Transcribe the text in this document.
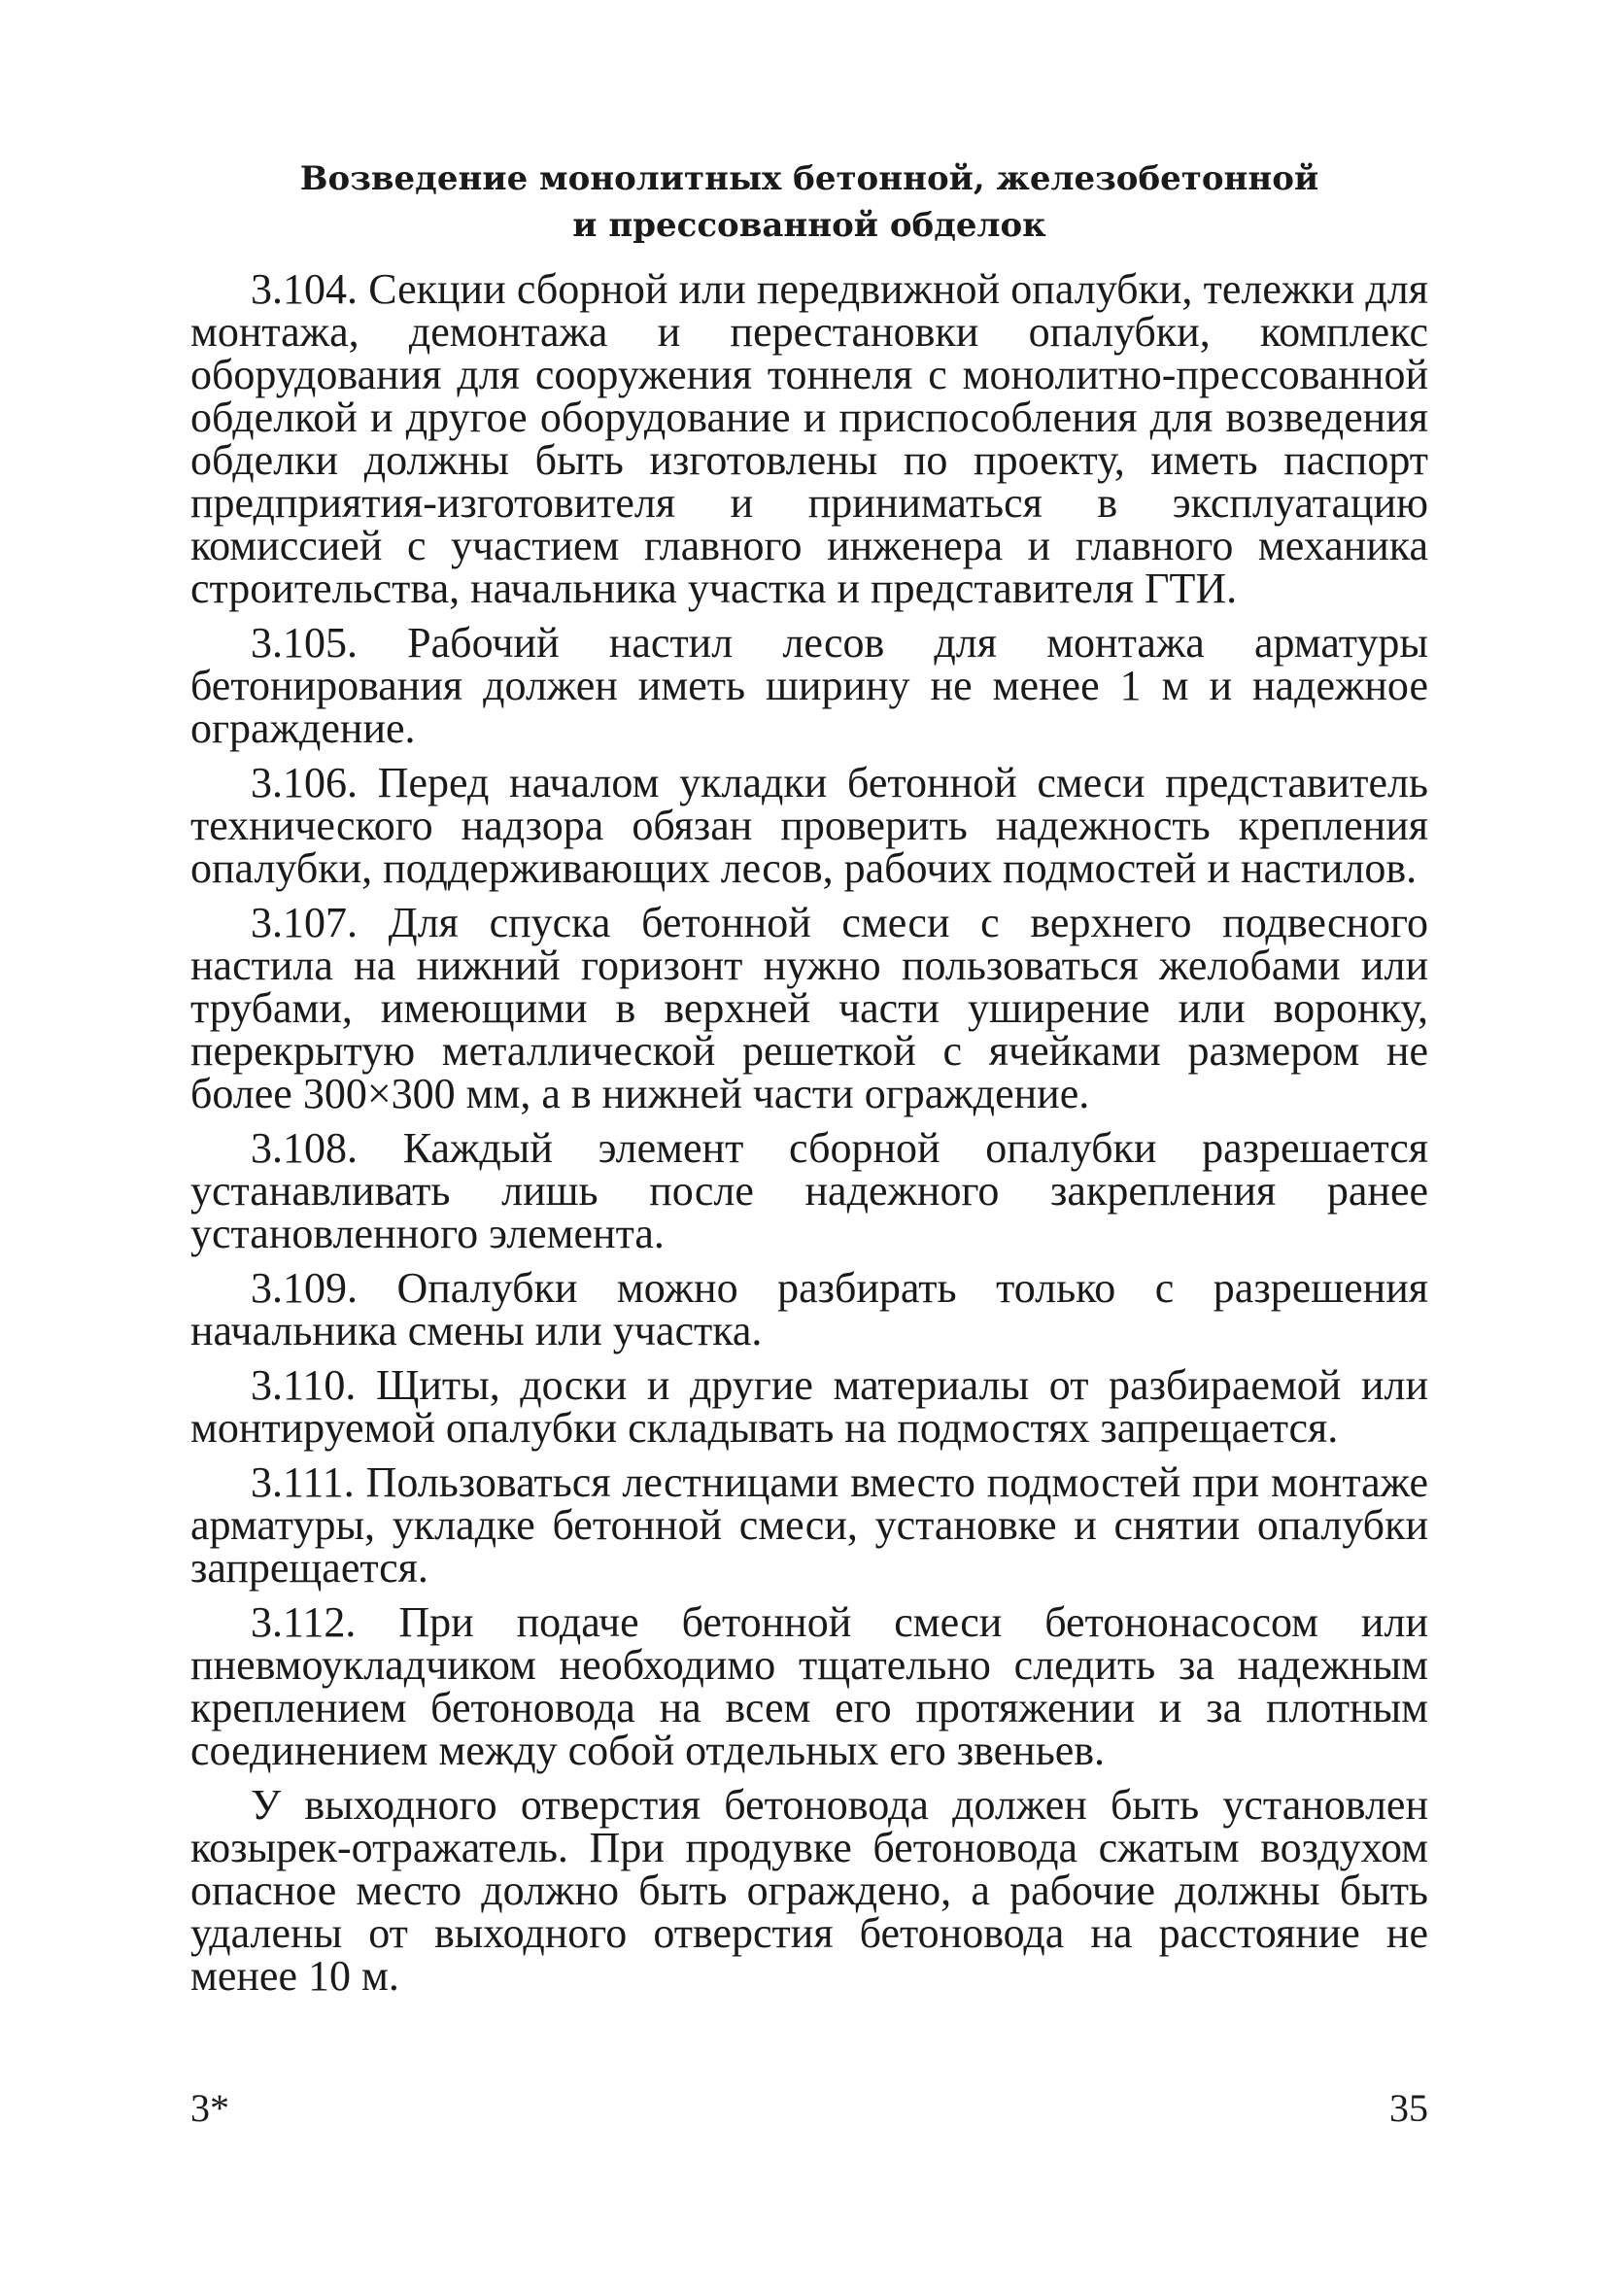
Возведение монолитных бетонной, железобетонной
и прессованной обделок

3.104. Секции сборной или передвижной опалубки, тележки для монтажа, демонтажа и перестановки опалубки, комплекс оборудования для сооружения тоннеля с монолитно-прессованной обделкой и другое оборудование и приспособления для возведения обделки должны быть изготовлены по проекту, иметь паспорт предприятия-изготовителя и приниматься в эксплуатацию комиссией с участием главного инженера и главного механика строительства, начальника участка и представителя ГТИ.

3.105. Рабочий настил лесов для монтажа арматуры бетонирования должен иметь ширину не менее 1 м и надежное ограждение.

3.106. Перед началом укладки бетонной смеси представитель технического надзора обязан проверить надежность крепления опалубки, поддерживающих лесов, рабочих подмостей и настилов.

3.107. Для спуска бетонной смеси с верхнего подвесного настила на нижний горизонт нужно пользоваться желобами или трубами, имеющими в верхней части уширение или воронку, перекрытую металлической решеткой с ячейками размером не более 300×300 мм, а в нижней части ограждение.

3.108. Каждый элемент сборной опалубки разрешается устанавливать лишь после надежного закрепления ранее установленного элемента.

3.109. Опалубки можно разбирать только с разрешения начальника смены или участка.

3.110. Щиты, доски и другие материалы от разбираемой или монтируемой опалубки складывать на подмостях запрещается.

3.111. Пользоваться лестницами вместо подмостей при монтаже арматуры, укладке бетонной смеси, установке и снятии опалубки запрещается.

3.112. При подаче бетонной смеси бетононасосом или пневмоукладчиком необходимо тщательно следить за надежным креплением бетоновода на всем его протяжении и за плотным соединением между собой отдельных его звеньев.

У выходного отверстия бетоновода должен быть установлен козырек-отражатель. При продувке бетоновода сжатым воздухом опасное место должно быть ограждено, а рабочие должны быть удалены от выходного отверстия бетоновода на расстояние не менее 10 м.

3*	35
